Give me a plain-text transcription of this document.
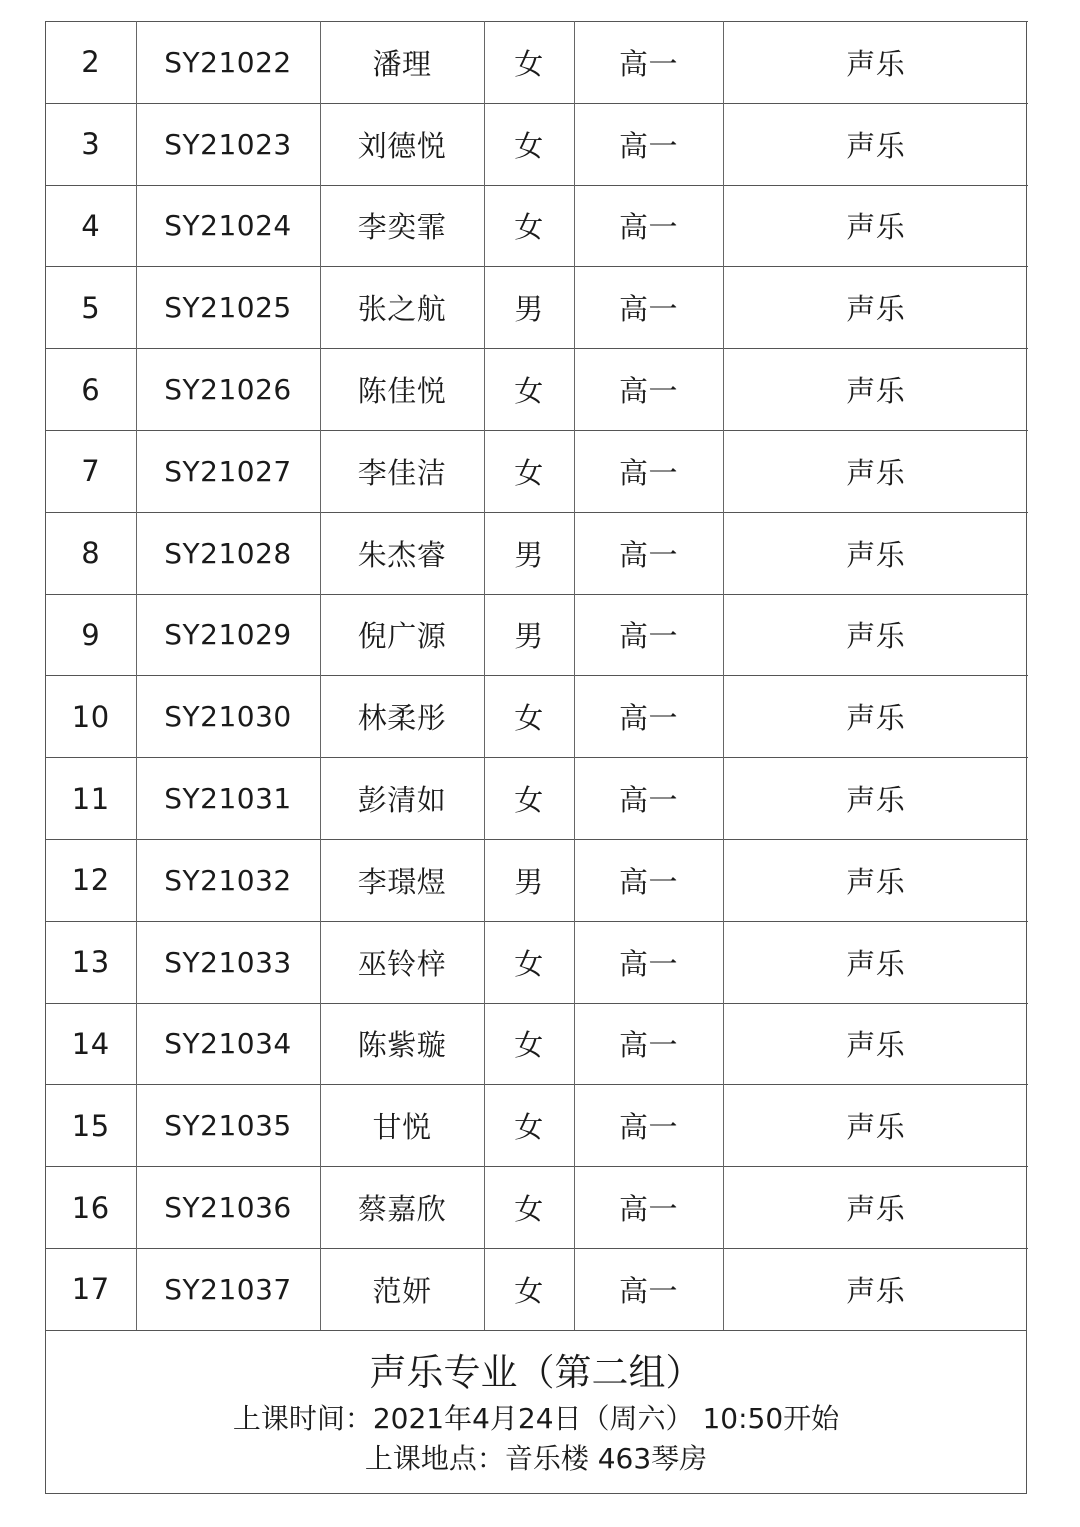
2	SY21022	潘理	女	高一	声乐
3	SY21023	刘德悦	女	高一	声乐
4	SY21024	李奕霏	女	高一	声乐
5	SY21025	张之航	男	高一	声乐
6	SY21026	陈佳悦	女	高一	声乐
7	SY21027	李佳洁	女	高一	声乐
8	SY21028	朱杰睿	男	高一	声乐
9	SY21029	倪广源	男	高一	声乐
10	SY21030	林柔彤	女	高一	声乐
11	SY21031	彭清如	女	高一	声乐
12	SY21032	李璟煜	男	高一	声乐
13	SY21033	巫铃梓	女	高一	声乐
14	SY21034	陈紫璇	女	高一	声乐
15	SY21035	甘悦	女	高一	声乐
16	SY21036	蔡嘉欣	女	高一	声乐
17	SY21037	范妍	女	高一	声乐
声乐专业（第二组）
上课时间：2021年4月24日（周六） 10:50开始
上课地点：音乐楼 463琴房
